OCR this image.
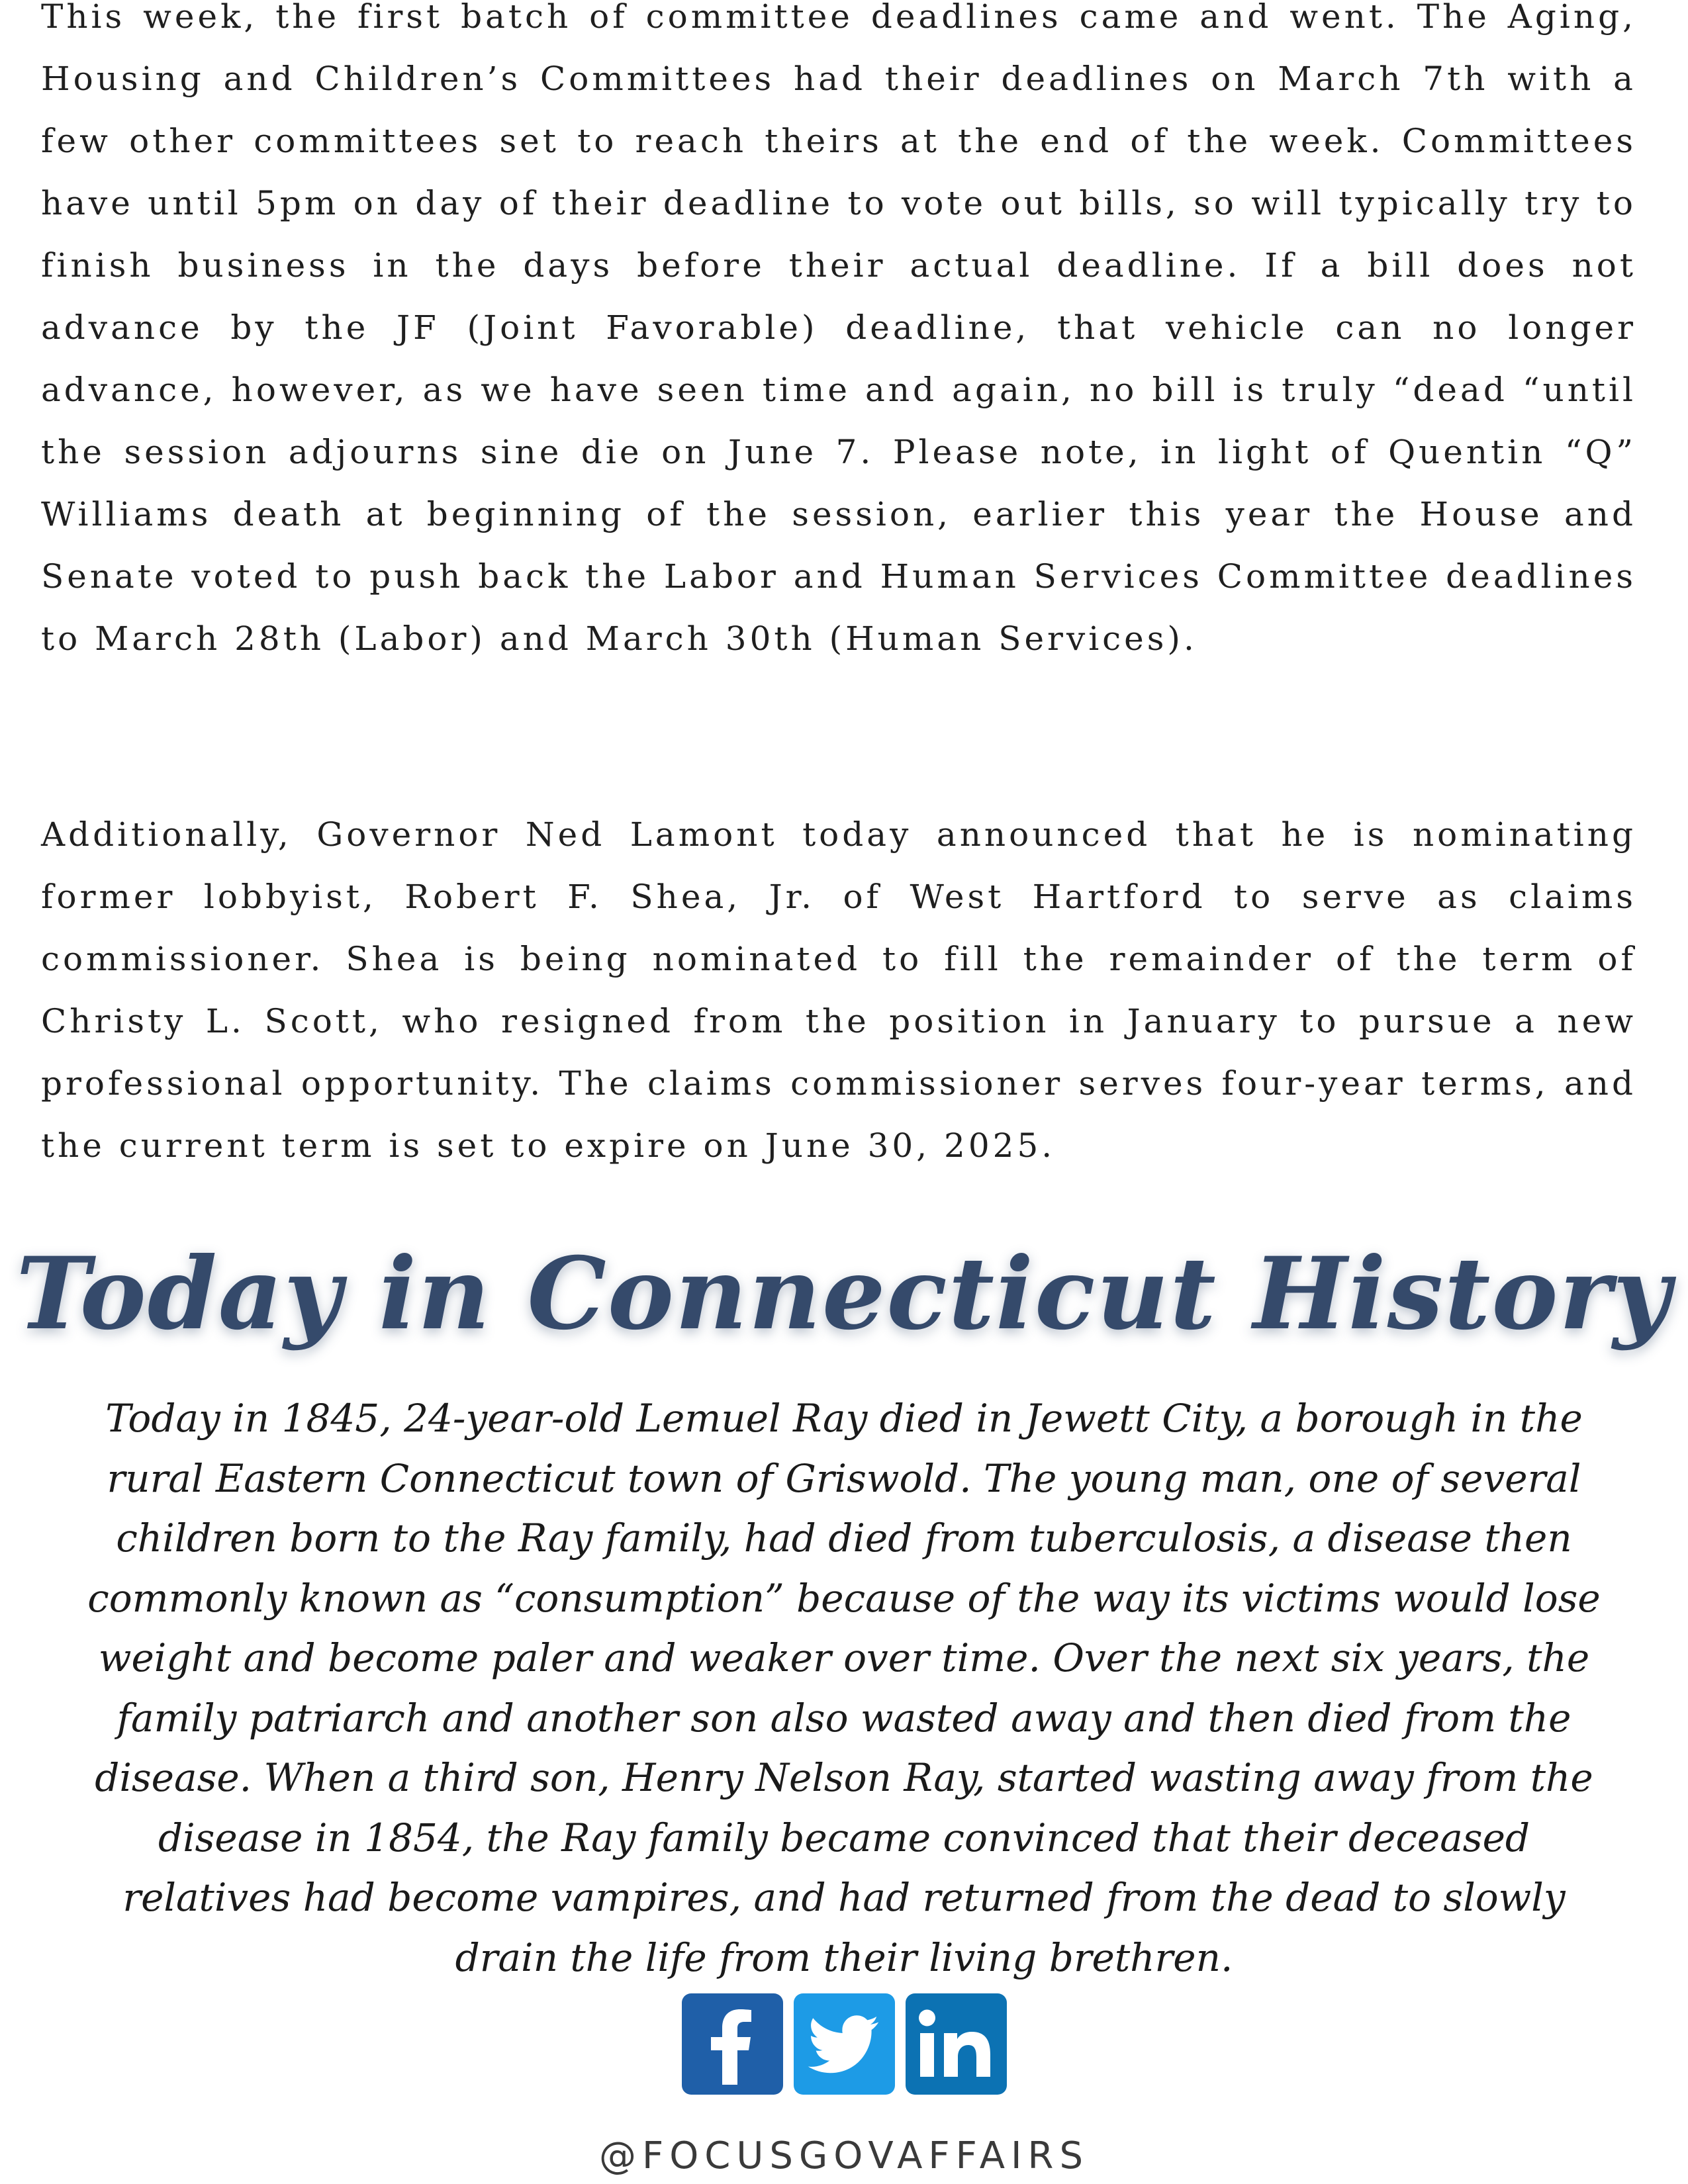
This week, the first batch of committee deadlines came and went. The Aging, Housing and Children’s Committees had their deadlines on March 7th with a few other committees set to reach theirs at the end of the week. Committees have until 5pm on day of their deadline to vote out bills, so will typically try to finish business in the days before their actual deadline. If a bill does not advance by the JF (Joint Favorable) deadline, that vehicle can no longer advance, however, as we have seen time and again, no bill is truly “dead “until the session adjourns sine die on June 7. Please note, in light of Quentin “Q” Williams death at beginning of the session, earlier this year the House and Senate voted to push back the Labor and Human Services Committee deadlines to March 28th (Labor) and March 30th (Human Services).

Additionally, Governor Ned Lamont today announced that he is nominating former lobbyist, Robert F. Shea, Jr. of West Hartford to serve as claims commissioner. Shea is being nominated to fill the remainder of the term of Christy L. Scott, who resigned from the position in January to pursue a new professional opportunity. The claims commissioner serves four-year terms, and the current term is set to expire on June 30, 2025.

Today in Connecticut History

Today in 1845, 24-year-old Lemuel Ray died in Jewett City, a borough in the rural Eastern Connecticut town of Griswold. The young man, one of several children born to the Ray family, had died from tuberculosis, a disease then commonly known as “consumption” because of the way its victims would lose weight and become paler and weaker over time. Over the next six years, the family patriarch and another son also wasted away and then died from the disease. When a third son, Henry Nelson Ray, started wasting away from the disease in 1854, the Ray family became convinced that their deceased relatives had become vampires, and had returned from the dead to slowly drain the life from their living brethren.

@FOCUSGOVAFFAIRS
